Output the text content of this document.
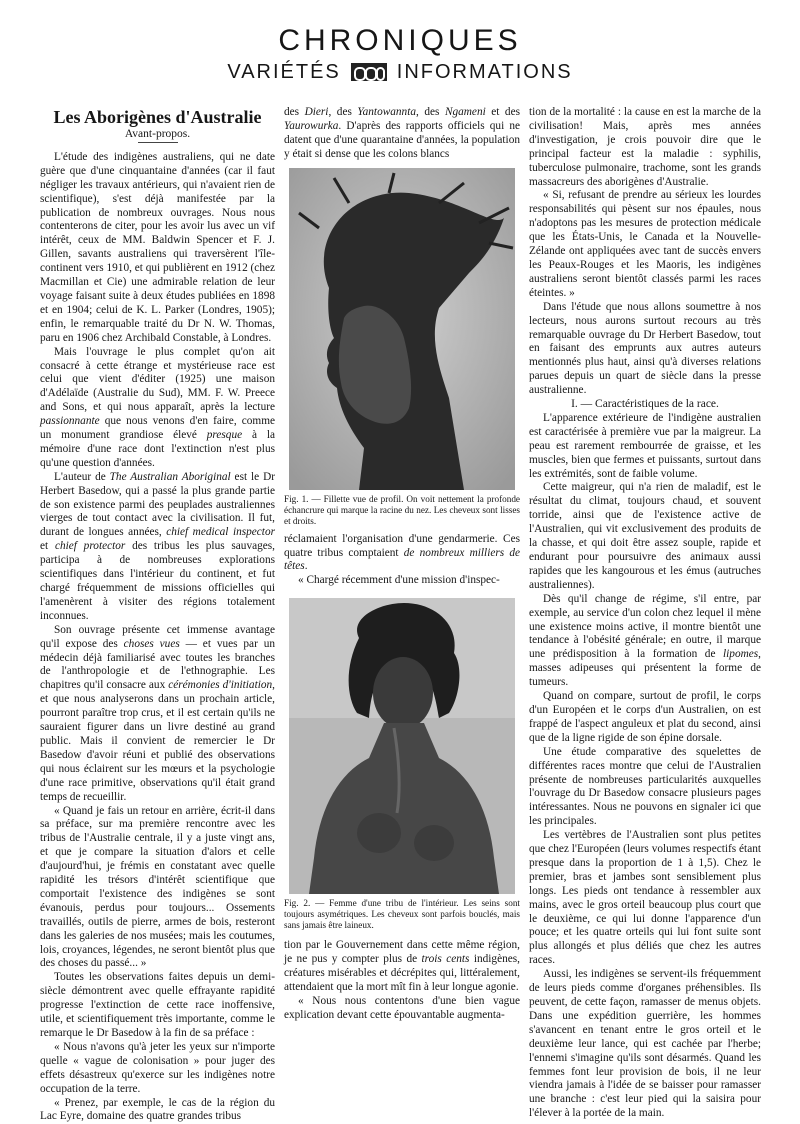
CHRONIQUES
VARIÉTÉS	INFORMATIONS

Les Aborigènes d'Australie

Avant-propos.

L'étude des indigènes australiens, qui ne date guère que d'une cinquantaine d'années (car il faut négliger les travaux antérieurs, qui n'avaient rien de scientifique), s'est déjà manifestée par la publication de nombreux ouvrages. Nous nous contenterons de citer, pour les avoir lus avec un vif intérêt, ceux de MM. Baldwin Spencer et F. J. Gillen, savants australiens qui traversèrent l'île-continent vers 1910, et qui publièrent en 1912 (chez Macmillan et Cie) une admirable relation de leur voyage faisant suite à deux études publiées en 1898 et en 1904; celui de K. L. Parker (Londres, 1905); enfin, le remarquable traité du Dr N. W. Thomas, paru en 1906 chez Archibald Constable, à Londres.

Mais l'ouvrage le plus complet qu'on ait consacré à cette étrange et mystérieuse race est celui que vient d'éditer (1925) une maison d'Adélaïde (Australie du Sud), MM. F. W. Preece and Sons, et qui nous apparaît, après la lecture passionnante que nous venons d'en faire, comme un monument grandiose élevé presque à la mémoire d'une race dont l'extinction n'est plus qu'une question d'années.

L'auteur de The Australian Aboriginal est le Dr Herbert Basedow, qui a passé la plus grande partie de son existence parmi des peuplades australiennes vierges de tout contact avec la civilisation. Il fut, durant de longues années, chief medical inspector et chief protector des tribus les plus sauvages, participa à de nombreuses explorations scientifiques dans l'intérieur du continent, et fut chargé fréquemment de missions officielles qui l'amenèrent à visiter des régions totalement inconnues.

Son ouvrage présente cet immense avantage qu'il expose des choses vues — et vues par un médecin déjà familiarisé avec toutes les branches de l'anthropologie et de l'ethnographie. Les chapitres qu'il consacre aux cérémonies d'initiation, et que nous analyserons dans un prochain article, pourront paraître trop crus, et il est certain qu'ils ne sauraient figurer dans un livre destiné au grand public. Mais il convient de remercier le Dr Basedow d'avoir réuni et publié des observations qui nous éclairent sur les mœurs et la psychologie d'une race primitive, observations qu'il était grand temps de recueillir.

« Quand je fais un retour en arrière, écrit-il dans sa préface, sur ma première rencontre avec les tribus de l'Australie centrale, il y a juste vingt ans, et que je compare la situation d'alors et celle d'aujourd'hui, je frémis en constatant avec quelle rapidité les trésors d'intérêt scientifique que comportait l'existence des indigènes se sont évanouis, perdus pour toujours... Ossements travaillés, outils de pierre, armes de bois, resteront dans les galeries de nos musées; mais les coutumes, lois, croyances, légendes, ne seront bientôt plus que des choses du passé... »

Toutes les observations faites depuis un demi-siècle démontrent avec quelle effrayante rapidité progresse l'extinction de cette race inoffensive, utile, et scientifiquement très importante, comme le remarque le Dr Basedow à la fin de sa préface :

« Nous n'avons qu'à jeter les yeux sur n'importe quelle « vague de colonisation » pour juger des effets désastreux qu'exerce sur les indigènes notre occupation de la terre.

« Prenez, par exemple, le cas de la région du Lac Eyre, domaine des quatre grandes tribus

des Dieri, des Yantowannta, des Ngameni et des Yaurowurka. D'après des rapports officiels qui ne datent que d'une quarantaine d'années, la population y était si dense que les colons blancs

Fig. 1. — Fillette vue de profil. On voit nettement la profonde échancrure qui marque la racine du nez. Les cheveux sont lisses et droits.

réclamaient l'organisation d'une gendarmerie. Ces quatre tribus comptaient de nombreux milliers de têtes.

« Chargé récemment d'une mission d'inspec-

Fig. 2. — Femme d'une tribu de l'intérieur. Les seins sont toujours asymétriques. Les cheveux sont parfois bouclés, mais sans jamais être laineux.

tion par le Gouvernement dans cette même région, je ne pus y compter plus de trois cents indigènes, créatures misérables et décrépites qui, littéralement, attendaient que la mort mît fin à leur longue agonie.

« Nous nous contentons d'une bien vague explication devant cette épouvantable augmenta-

tion de la mortalité : la cause en est la marche de la civilisation! Mais, après mes années d'investigation, je crois pouvoir dire que le principal facteur est la maladie : syphilis, tuberculose pulmonaire, trachome, sont les grands massacreurs des aborigènes d'Australie.

« Si, refusant de prendre au sérieux les lourdes responsabilités qui pèsent sur nos épaules, nous n'adoptons pas les mesures de protection médicale que les États-Unis, le Canada et la Nouvelle-Zélande ont appliquées avec tant de succès envers les Peaux-Rouges et les Maoris, les indigènes australiens seront bientôt classés parmi les races éteintes. »

Dans l'étude que nous allons soumettre à nos lecteurs, nous aurons surtout recours au très remarquable ouvrage du Dr Herbert Basedow, tout en faisant des emprunts aux autres auteurs mentionnés plus haut, ainsi qu'à diverses relations parues depuis un quart de siècle dans la presse australienne.

I. — Caractéristiques de la race.

L'apparence extérieure de l'indigène australien est caractérisée à première vue par la maigreur. La peau est rarement rembourrée de graisse, et les muscles, bien que fermes et puissants, surtout dans les extrémités, sont de faible volume.

Cette maigreur, qui n'a rien de maladif, est le résultat du climat, toujours chaud, et souvent torride, ainsi que de l'existence active de l'Australien, qui vit exclusivement des produits de la chasse, et qui doit être assez souple, rapide et endurant pour poursuivre des animaux aussi rapides que les kangourous et les émus (autruches australiennes).

Dès qu'il change de régime, s'il entre, par exemple, au service d'un colon chez lequel il mène une existence moins active, il montre bientôt une tendance à l'obésité générale; en outre, il marque une prédisposition à la formation de lipomes, masses adipeuses qui présentent la forme de tumeurs.

Quand on compare, surtout de profil, le corps d'un Européen et le corps d'un Australien, on est frappé de l'aspect anguleux et plat du second, ainsi que de la ligne rigide de son épine dorsale.

Une étude comparative des squelettes de différentes races montre que celui de l'Australien présente de nombreuses particularités auxquelles l'ouvrage du Dr Basedow consacre plusieurs pages intéressantes. Nous ne pouvons en signaler ici que les principales.

Les vertèbres de l'Australien sont plus petites que chez l'Européen (leurs volumes respectifs étant presque dans la proportion de 1 à 1,5). Chez le premier, bras et jambes sont sensiblement plus longs. Les pieds ont tendance à ressembler aux mains, avec le gros orteil beaucoup plus court que le deuxième, ce qui lui donne l'apparence d'un pouce; et les quatre orteils qui lui font suite sont plus allongés et plus déliés que chez les autres races.

Aussi, les indigènes se servent-ils fréquemment de leurs pieds comme d'organes préhensibles. Ils peuvent, de cette façon, ramasser de menus objets. Dans une expédition guerrière, les hommes s'avancent en tenant entre le gros orteil et le deuxième leur lance, qui est cachée par l'herbe; l'ennemi s'imagine qu'ils sont désarmés. Quand les femmes font leur provision de bois, il ne leur viendra jamais à l'idée de se baisser pour ramasser une branche : c'est leur pied qui la saisira pour l'élever à la portée de la main.
